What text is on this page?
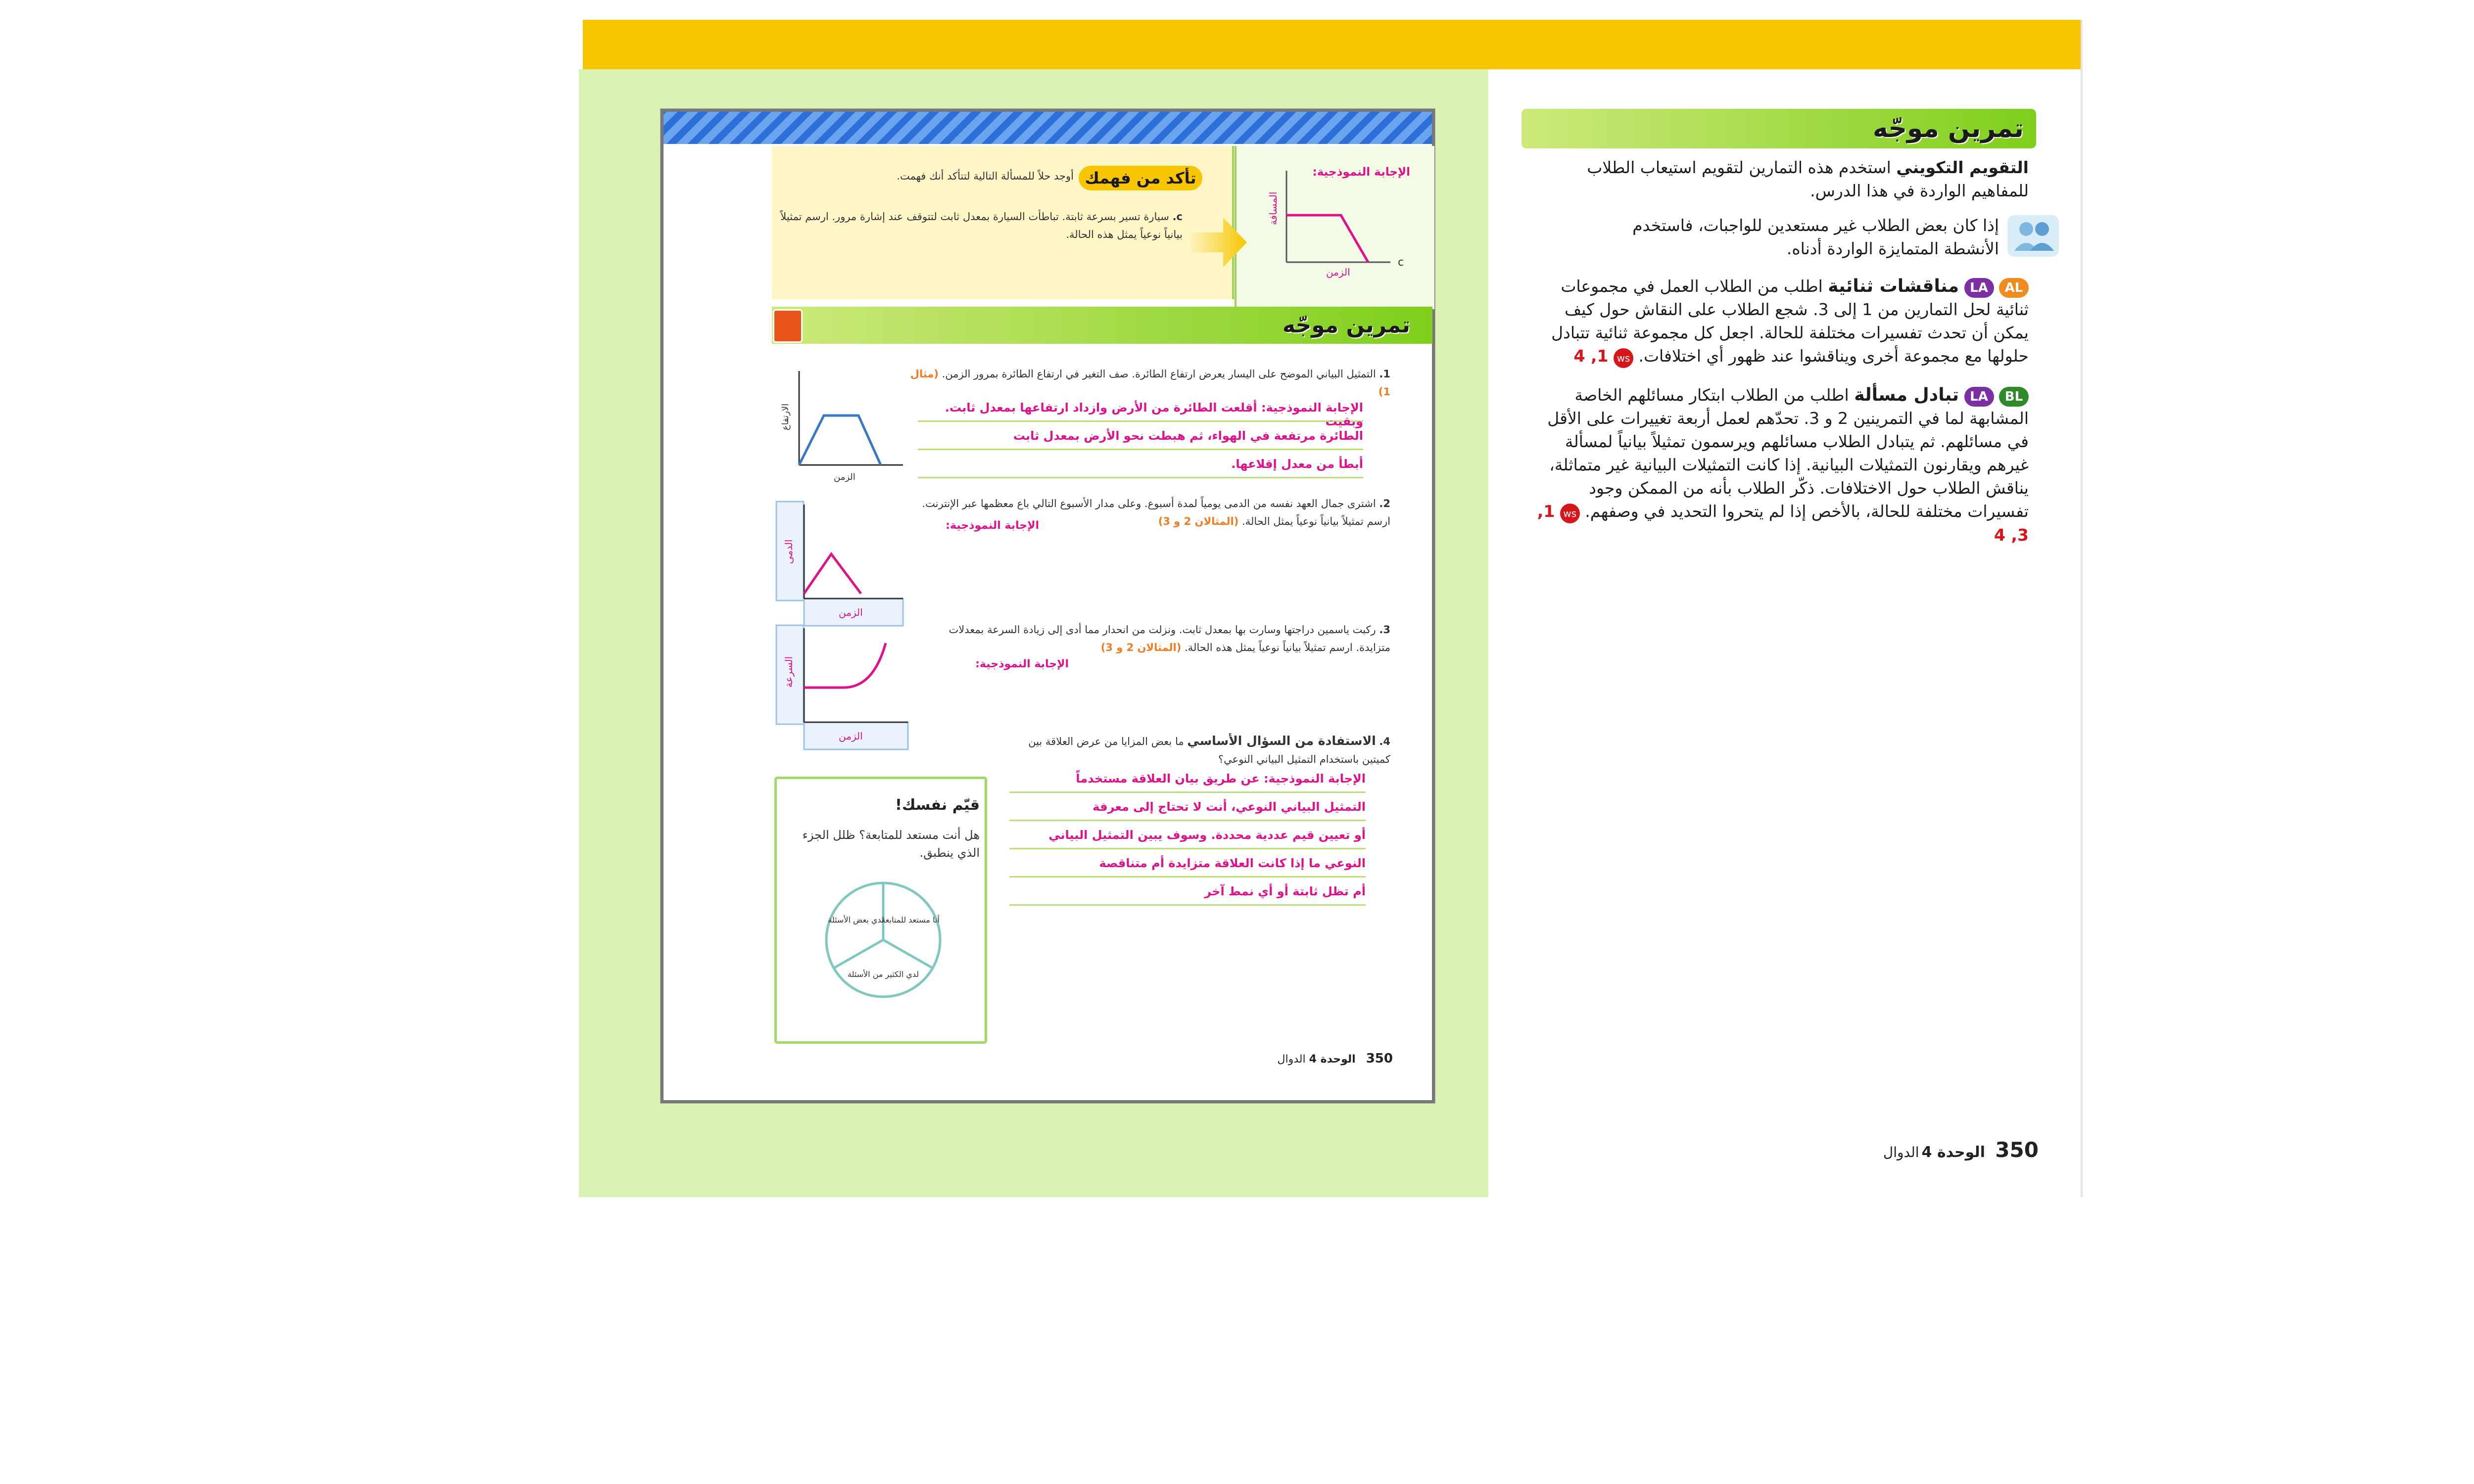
تأكد من فهمك
أوجد حلاً للمسألة التالية لتتأكد أنك فهمت.
c. سيارة تسير بسرعة ثابتة. تباطأت السيارة بمعدل ثابت لتتوقف عند إشارة مرور. ارسم تمثيلاً بيانياً نوعياً يمثل هذه الحالة.
الإجابة النموذجية:
المسافة
الزمن
c
تمرين موجّه
1. التمثيل البياني الموضح على اليسار يعرض ارتفاع الطائرة. صف التغير في ارتفاع الطائرة بمرور الزمن. (مثال 1)
الإجابة النموذجية: أقلعت الطائرة من الأرض وازداد ارتفاعها بمعدل ثابت. وبقيت
الطائرة مرتفعة في الهواء، ثم هبطت نحو الأرض بمعدل ثابت
أبطأ من معدل إقلاعها.
الارتفاع
الزمن
2. اشترى جمال العهد نفسه من الدمى يومياً لمدة أسبوع. وعلى مدار الأسبوع التالي باع معظمها عبر الإنترنت. ارسم تمثيلاً بيانياً نوعياً يمثل الحالة. (المثالان 2 و 3)
الإجابة النموذجية:
الدمى
الزمن
3. ركبت ياسمين دراجتها وسارت بها بمعدل ثابت. ونزلت من انحدار مما أدى إلى زيادة السرعة بمعدلات متزايدة. ارسم تمثيلاً بيانياً نوعياً يمثل هذه الحالة. (المثالان 2 و 3)
الإجابة النموذجية:
السرعة
الزمن	4. الاستفادة من السؤال الأساسي ما بعض المزايا من عرض العلاقة بين كميتين باستخدام التمثيل البياني النوعي؟
الإجابة النموذجية: عن طريق بيان العلاقة مستخدماً
التمثيل البياني النوعي، أنت لا تحتاج إلى معرفة
أو تعيين قيم عددية محددة. وسوف يبين التمثيل البياني
النوعي ما إذا كانت العلاقة متزايدة أم متناقصة
أم تظل ثابتة أو أي نمط آخر
قيّم نفسك!
هل أنت مستعد للمتابعة؟ ظلل الجزء الذي ينطبق.
أنا مستعد للمتابعة
لدي بعض الأسئلة
لدي الكثير من الأسئلة
350   الوحدة 4 الدوال
تمرين موجّه
التقويم التكويني استخدم هذه التمارين لتقويم استيعاب الطلاب للمفاهيم الواردة في هذا الدرس.
إذا كان بعض الطلاب غير مستعدين للواجبات، فاستخدم الأنشطة المتمايزة الواردة أدناه.
AL LA مناقشات ثنائية اطلب من الطلاب العمل في مجموعات ثنائية لحل التمارين من 1 إلى 3. شجع الطلاب على النقاش حول كيف يمكن أن تحدث تفسيرات مختلفة للحالة. اجعل كل مجموعة ثنائية تتبادل حلولها مع مجموعة أخرى ويناقشوا عند ظهور أي اختلافات. ws 1, 4
BL LA تبادل مسألة اطلب من الطلاب ابتكار مسائلهم الخاصة المشابهة لما في التمرينين 2 و 3. تحدّهم لعمل أربعة تغييرات على الأقل في مسائلهم. ثم يتبادل الطلاب مسائلهم ويرسمون تمثيلاً بيانياً لمسألة غيرهم ويقارنون التمثيلات البيانية. إذا كانت التمثيلات البيانية غير متماثلة، يناقش الطلاب حول الاختلافات. ذكّر الطلاب بأنه من الممكن وجود تفسيرات مختلفة للحالة، بالأخص إذا لم يتحروا التحديد في وصفهم. ws 1, 3, 4
350    الوحدة 4 الدوال
